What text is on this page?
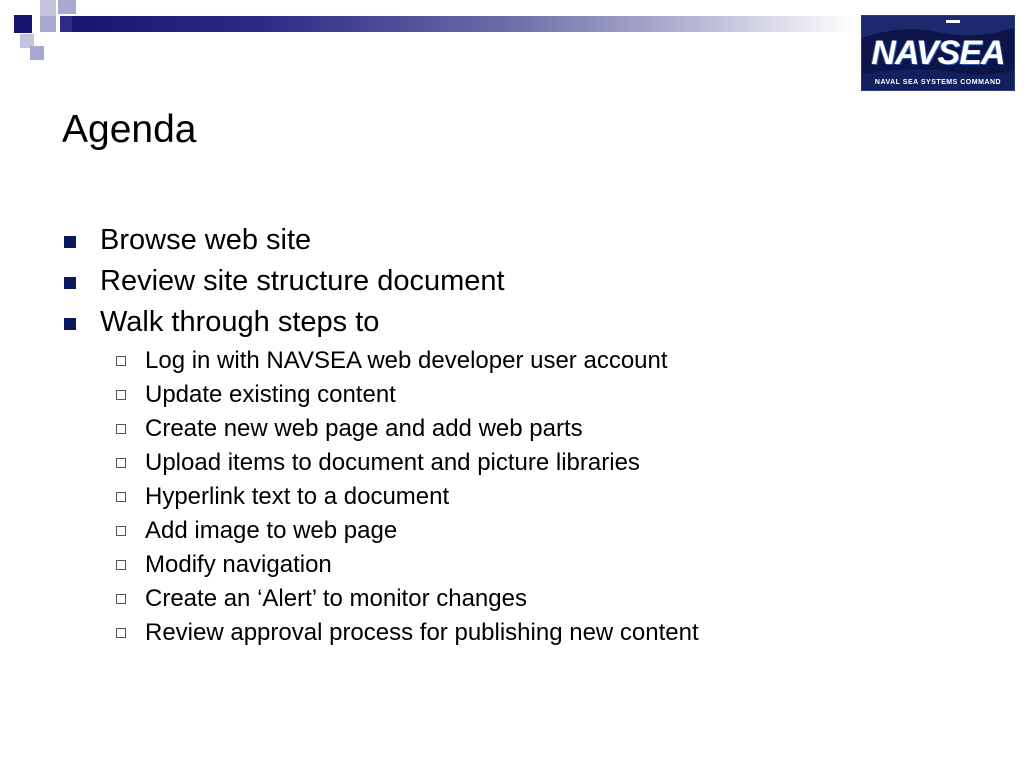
NAVSEA
NAVAL SEA SYSTEMS COMMAND
Agenda
Browse web site
Review site structure document
Walk through steps to
Log in with NAVSEA web developer user account
Update existing content
Create new web page and add web parts
Upload items to document and picture libraries
Hyperlink text to a document
Add image to web page
Modify navigation
Create an ‘Alert’ to monitor changes
Review approval process for publishing new content
